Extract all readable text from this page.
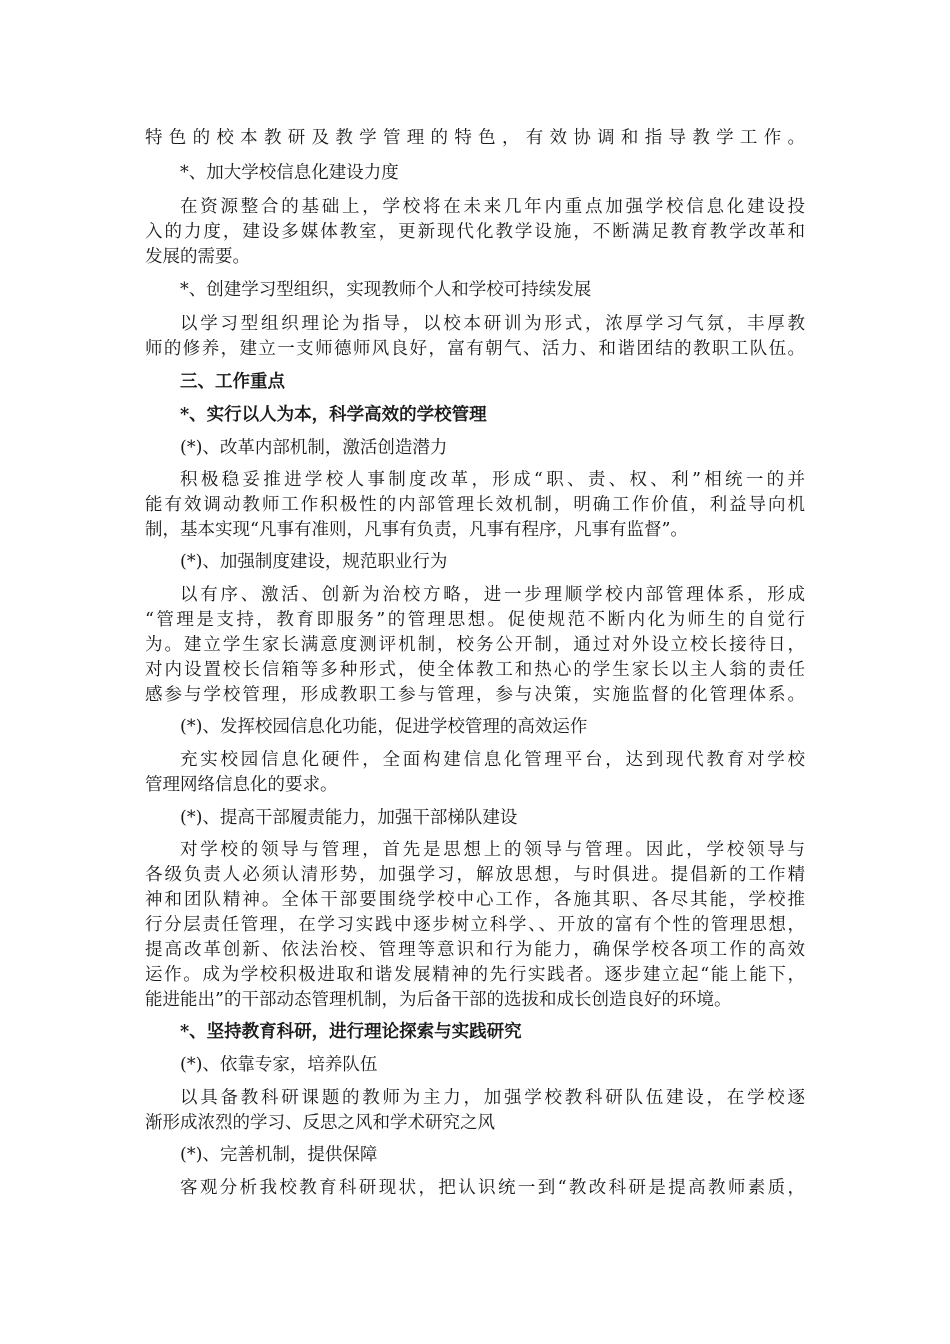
特色的校本教研及教学管理的特色，有效协调和指导教学工作。
*、加大学校信息化建设力度
在资源整合的基础上，学校将在未来几年内重点加强学校信息化建设投
入的力度，建设多媒体教室，更新现代化教学设施，不断满足教育教学改革和
发展的需要。
*、创建学习型组织，实现教师个人和学校可持续发展
以学习型组织理论为指导，以校本研训为形式，浓厚学习气氛，丰厚教
师的修养，建立一支师德师风良好，富有朝气、活力、和谐团结的教职工队伍。
三、工作重点
*、实行以人为本，科学高效的学校管理
(*)、改革内部机制，激活创造潜力
积极稳妥推进学校人事制度改革，形成“职、责、权、利”相统一的并
能有效调动教师工作积极性的内部管理长效机制，明确工作价值，利益导向机
制，基本实现“凡事有准则，凡事有负责，凡事有程序，凡事有监督”。
(*)、加强制度建设，规范职业行为
以有序、激活、创新为治校方略，进一步理顺学校内部管理体系，形成
“管理是支持，教育即服务”的管理思想。促使规范不断内化为师生的自觉行
为。建立学生家长满意度测评机制，校务公开制，通过对外设立校长接待日，
对内设置校长信箱等多种形式，使全体教工和热心的学生家长以主人翁的责任
感参与学校管理，形成教职工参与管理，参与决策，实施监督的化管理体系。
(*)、发挥校园信息化功能，促进学校管理的高效运作
充实校园信息化硬件，全面构建信息化管理平台，达到现代教育对学校
管理网络信息化的要求。
(*)、提高干部履责能力，加强干部梯队建设
对学校的领导与管理，首先是思想上的领导与管理。因此，学校领导与
各级负责人必须认清形势，加强学习，解放思想，与时俱进。提倡新的工作精
神和团队精神。全体干部要围绕学校中心工作，各施其职、各尽其能，学校推
行分层责任管理，在学习实践中逐步树立科学、、开放的富有个性的管理思想，
提高改革创新、依法治校、管理等意识和行为能力，确保学校各项工作的高效
运作。成为学校积极进取和谐发展精神的先行实践者。逐步建立起“能上能下，
能进能出”的干部动态管理机制，为后备干部的选拔和成长创造良好的环境。
*、坚持教育科研，进行理论探索与实践研究
(*)、依靠专家，培养队伍
以具备教科研课题的教师为主力，加强学校教科研队伍建设，在学校逐
渐形成浓烈的学习、反思之风和学术研究之风
(*)、完善机制，提供保障
客观分析我校教育科研现状，把认识统一到“教改科研是提高教师素质，
